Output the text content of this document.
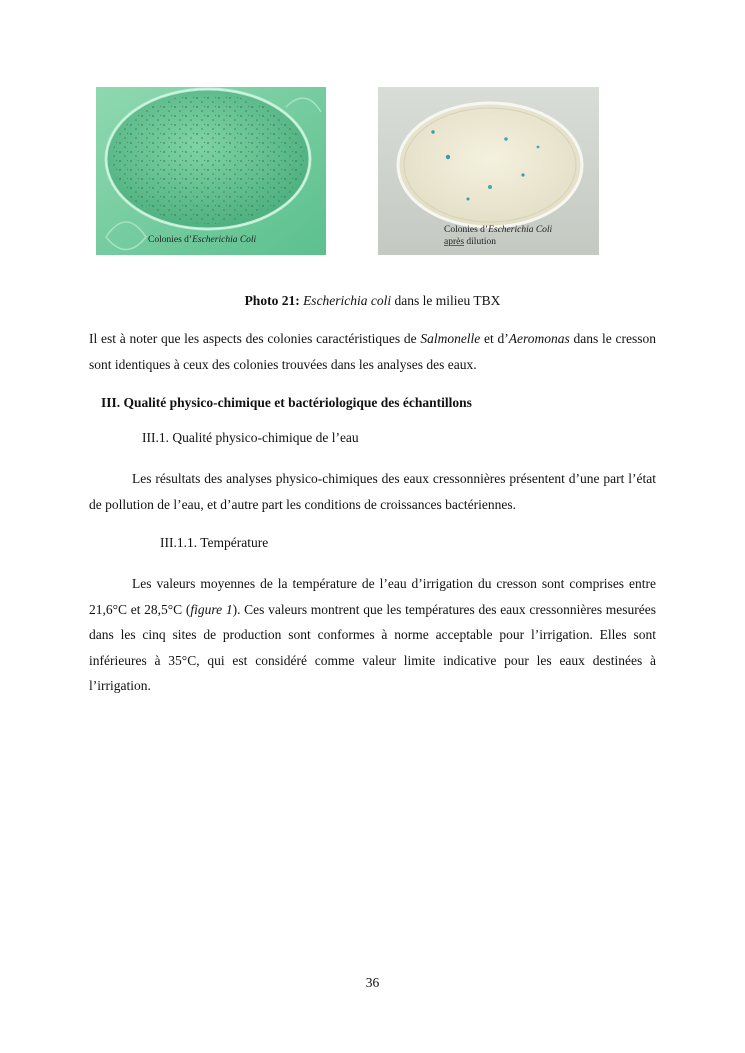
Colonies d’Escherichia Coli
Colonies d’Escherichia Coli
après dilution
Photo 21: Escherichia coli dans le milieu TBX
Il est à noter que les aspects des colonies caractéristiques de Salmonelle et d’Aeromonas dans le cresson sont identiques à ceux des colonies trouvées dans les analyses des eaux.
III. Qualité physico-chimique et bactériologique des échantillons
III.1. Qualité physico-chimique de l’eau
Les résultats des analyses physico-chimiques des eaux cressonnières présentent d’une part l’état de pollution de l’eau, et d’autre part les conditions de croissances bactériennes.
III.1.1. Température
Les valeurs moyennes de la température de l’eau d’irrigation du cresson sont comprises entre 21,6°C et 28,5°C (figure 1). Ces valeurs montrent que les températures des eaux cressonnières mesurées dans les cinq sites de production sont conformes à norme acceptable pour l’irrigation. Elles sont inférieures à 35°C, qui est considéré comme valeur limite indicative pour les eaux destinées à l’irrigation.
36
